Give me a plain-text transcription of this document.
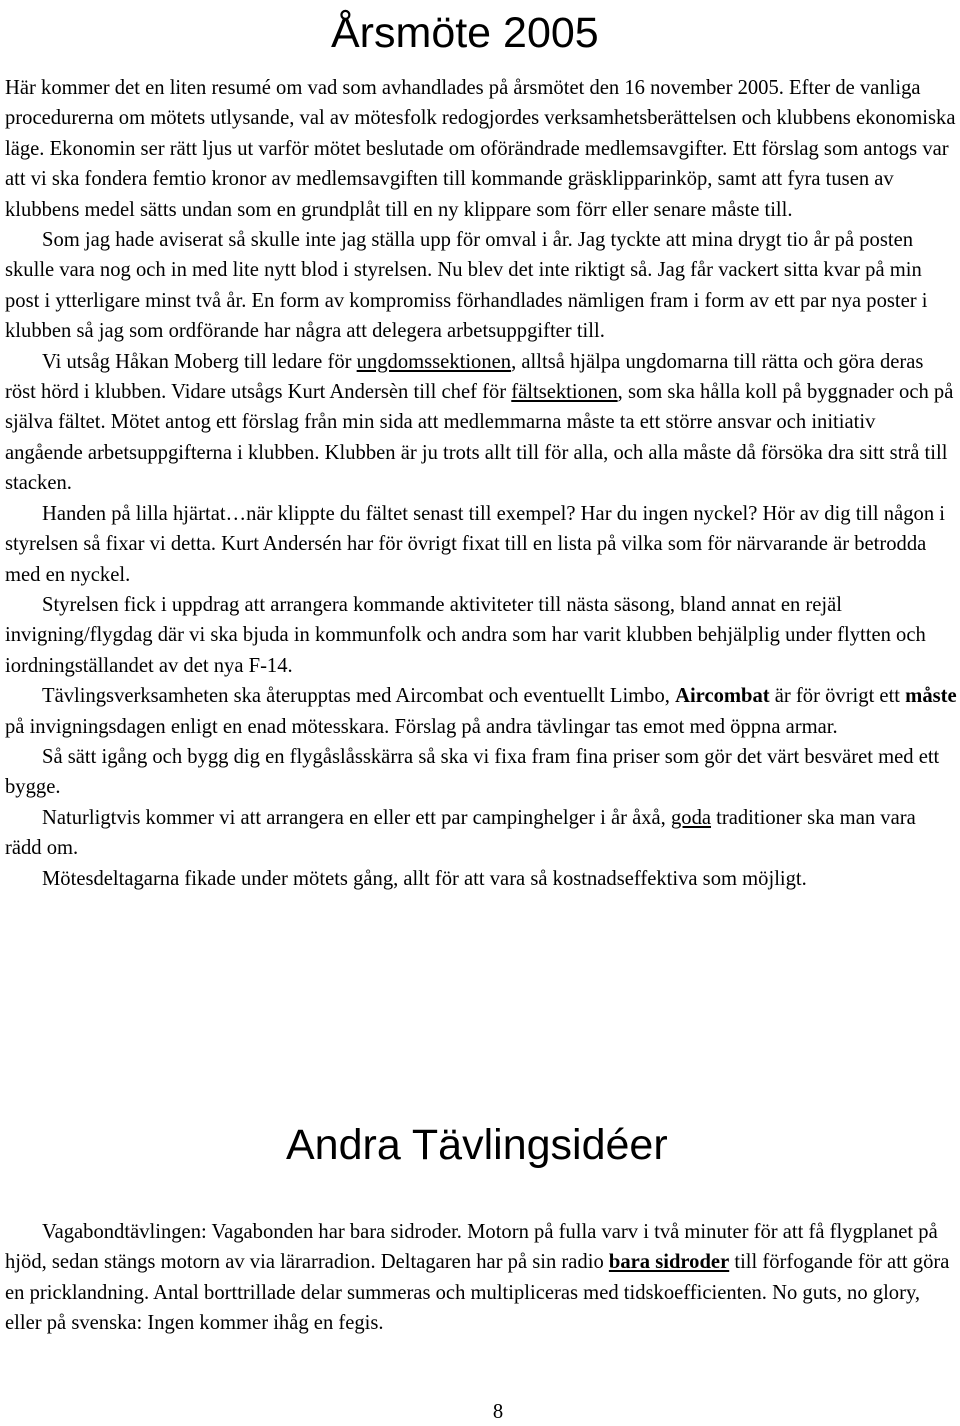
Årsmöte 2005

Här kommer det en liten resumé om vad som avhandlades på årsmötet den 16 november 2005. Efter de vanliga procedurerna om mötets utlysande, val av mötesfolk redogjordes verksamhetsberättelsen och klubbens ekonomiska läge. Ekonomin ser rätt ljus ut varför mötet beslutade om oförändrade medlemsavgifter. Ett förslag som antogs var att vi ska fondera femtio kronor av medlemsavgiften till kommande gräsklipparinköp, samt att fyra tusen av klubbens medel sätts undan som en grundplåt till en ny klippare som förr eller senare måste till.

Som jag hade aviserat så skulle inte jag ställa upp för omval i år. Jag tyckte att mina drygt tio år på posten skulle vara nog och in med lite nytt blod i styrelsen. Nu blev det inte riktigt så. Jag får vackert sitta kvar på min post i ytterligare minst två år. En form av kompromiss förhandlades nämligen fram i form av ett par nya poster i klubben så jag som ordförande har några att delegera arbetsuppgifter till.

Vi utsåg Håkan Moberg till ledare för ungdomssektionen, alltså hjälpa ungdomarna till rätta och göra deras röst hörd i klubben. Vidare utsågs Kurt Andersèn till chef för fältsektionen, som ska hålla koll på byggnader och på själva fältet. Mötet antog ett förslag från min sida att medlemmarna måste ta ett större ansvar och initiativ angående arbetsuppgifterna i klubben. Klubben är ju trots allt till för alla, och alla måste då försöka dra sitt strå till stacken.

Handen på lilla hjärtat…när klippte du fältet senast till exempel? Har du ingen nyckel? Hör av dig till någon i styrelsen så fixar vi detta. Kurt Andersén har för övrigt fixat till en lista på vilka som för närvarande är betrodda med en nyckel.

Styrelsen fick i uppdrag att arrangera kommande aktiviteter till nästa säsong, bland annat en rejäl invigning/flygdag där vi ska bjuda in kommunfolk och andra som har varit klubben behjälplig under flytten och iordningställandet av det nya F-14.

Tävlingsverksamheten ska återupptas med Aircombat och eventuellt Limbo, Aircombat är för övrigt ett måste på invigningsdagen enligt en enad mötesskara. Förslag på andra tävlingar tas emot med öppna armar.

Så sätt igång och bygg dig en flygåslåsskärra så ska vi fixa fram fina priser som gör det värt besväret med ett bygge.

Naturligtvis kommer vi att arrangera en eller ett par campinghelger i år åxå, goda traditioner ska man vara rädd om.

Mötesdeltagarna fikade under mötets gång, allt för att vara så kostnadseffektiva som möjligt.

Andra Tävlingsidéer

Vagabondtävlingen: Vagabonden har bara sidroder. Motorn på fulla varv i två minuter för att få flygplanet på hjöd, sedan stängs motorn av via lärarradion. Deltagaren har på sin radio bara sidroder till förfogande för att göra en pricklandning. Antal borttrillade delar summeras och multipliceras med tidskoefficienten. No guts, no glory, eller på svenska: Ingen kommer ihåg en fegis.

8
